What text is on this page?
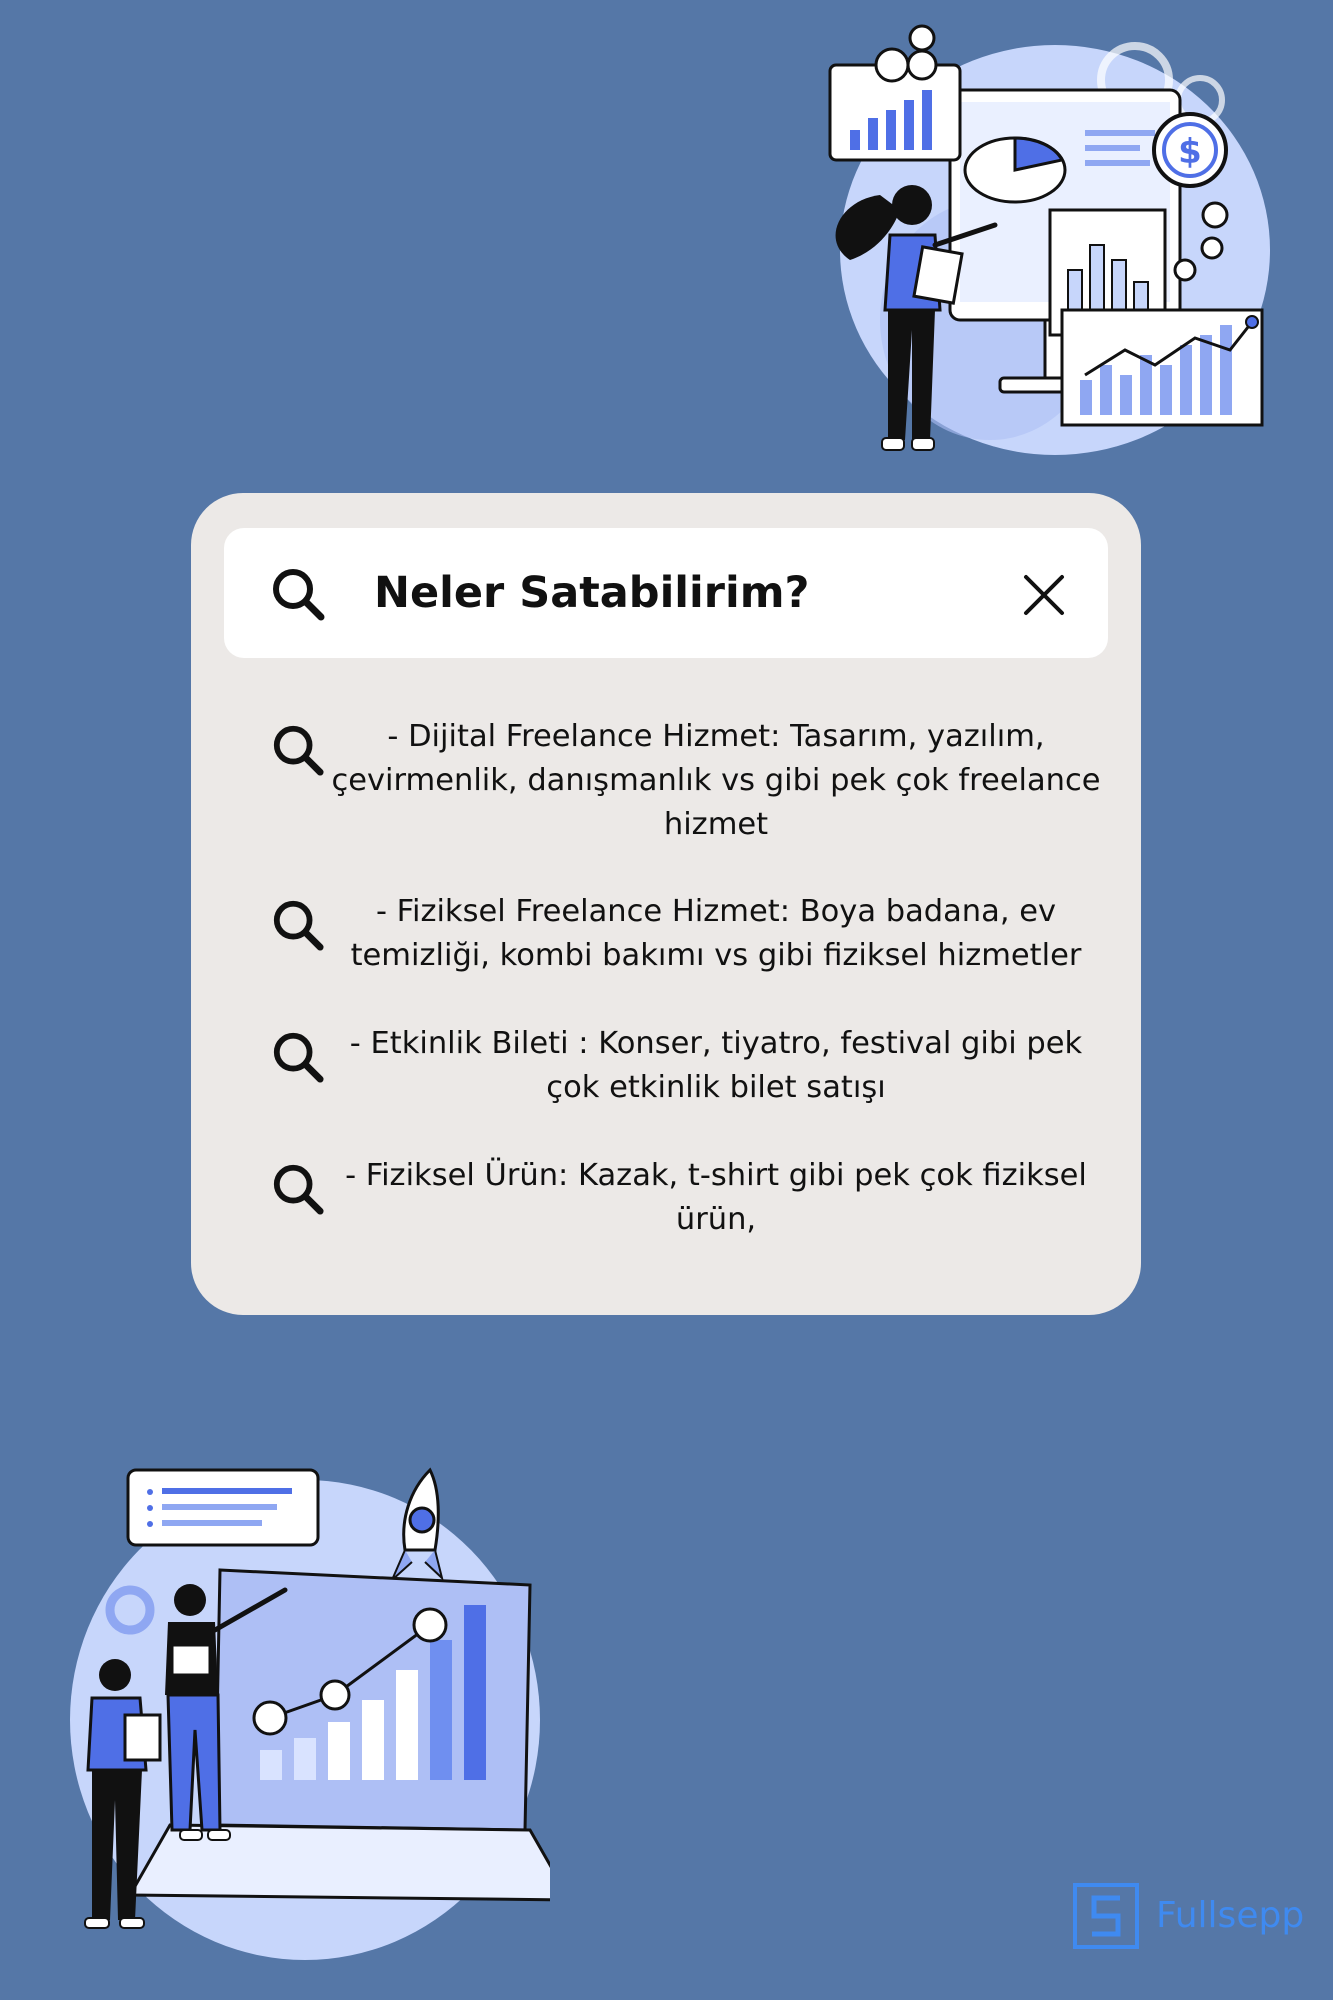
$
Neler Satabilirim?
- Dijital Freelance Hizmet: Tasarım, yazılım, çevirmenlik, danışmanlık vs gibi pek çok freelance hizmet
- Fiziksel Freelance Hizmet: Boya badana, ev temizliği, kombi bakımı vs gibi fiziksel hizmetler
- Etkinlik Bileti : Konser, tiyatro, festival gibi pek çok etkinlik bilet satışı
- Fiziksel Ürün: Kazak, t-shirt gibi pek çok fiziksel ürün,
Fullsepp
